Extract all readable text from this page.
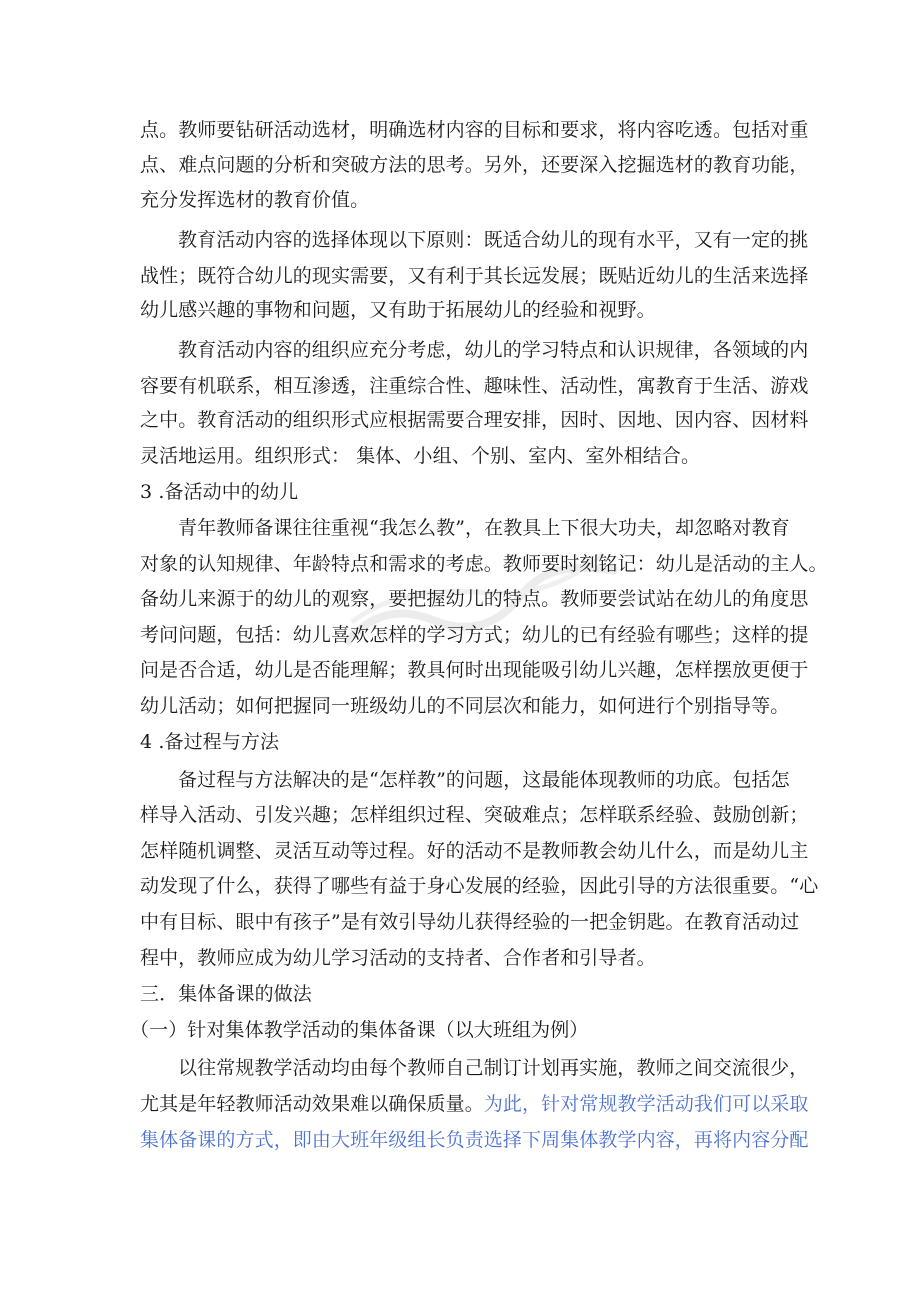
点。教师要钻研活动选材，明确选材内容的目标和要求，将内容吃透。包括对重
点、难点问题的分析和突破方法的思考。另外，还要深入挖掘选材的教育功能，
充分发挥选材的教育价值。
教育活动内容的选择体现以下原则：既适合幼儿的现有水平，又有一定的挑
战性；既符合幼儿的现实需要，又有利于其长远发展；既贴近幼儿的生活来选择
幼儿感兴趣的事物和问题，又有助于拓展幼儿的经验和视野。
教育活动内容的组织应充分考虑，幼儿的学习特点和认识规律，各领域的内
容要有机联系，相互渗透，注重综合性、趣味性、活动性，寓教育于生活、游戏
之中。教育活动的组织形式应根据需要合理安排，因时、因地、因内容、因材料
灵活地运用。组织形式： 集体、小组、个别、室内、室外相结合。
3 .备活动中的幼儿
青年教师备课往往重视“我怎么教”，在教具上下很大功夫，却忽略对教育
对象的认知规律、年龄特点和需求的考虑。教师要时刻铭记：幼儿是活动的主人。
备幼儿来源于的幼儿的观察，要把握幼儿的特点。教师要尝试站在幼儿的角度思
考问问题，包括：幼儿喜欢怎样的学习方式；幼儿的已有经验有哪些；这样的提
问是否合适，幼儿是否能理解；教具何时出现能吸引幼儿兴趣，怎样摆放更便于
幼儿活动；如何把握同一班级幼儿的不同层次和能力，如何进行个别指导等。
4 .备过程与方法
备过程与方法解决的是“怎样教”的问题，这最能体现教师的功底。包括怎
样导入活动、引发兴趣；怎样组织过程、突破难点；怎样联系经验、鼓励创新；
怎样随机调整、灵活互动等过程。好的活动不是教师教会幼儿什么，而是幼儿主
动发现了什么，获得了哪些有益于身心发展的经验，因此引导的方法很重要。“心
中有目标、眼中有孩子”是有效引导幼儿获得经验的一把金钥匙。在教育活动过
程中，教师应成为幼儿学习活动的支持者、合作者和引导者。
三．集体备课的做法
（一）针对集体教学活动的集体备课（以大班组为例）
以往常规教学活动均由每个教师自己制订计划再实施，教师之间交流很少，
尤其是年轻教师活动效果难以确保质量。为此，针对常规教学活动我们可以采取
集体备课的方式，即由大班年级组长负责选择下周集体教学内容，再将内容分配
